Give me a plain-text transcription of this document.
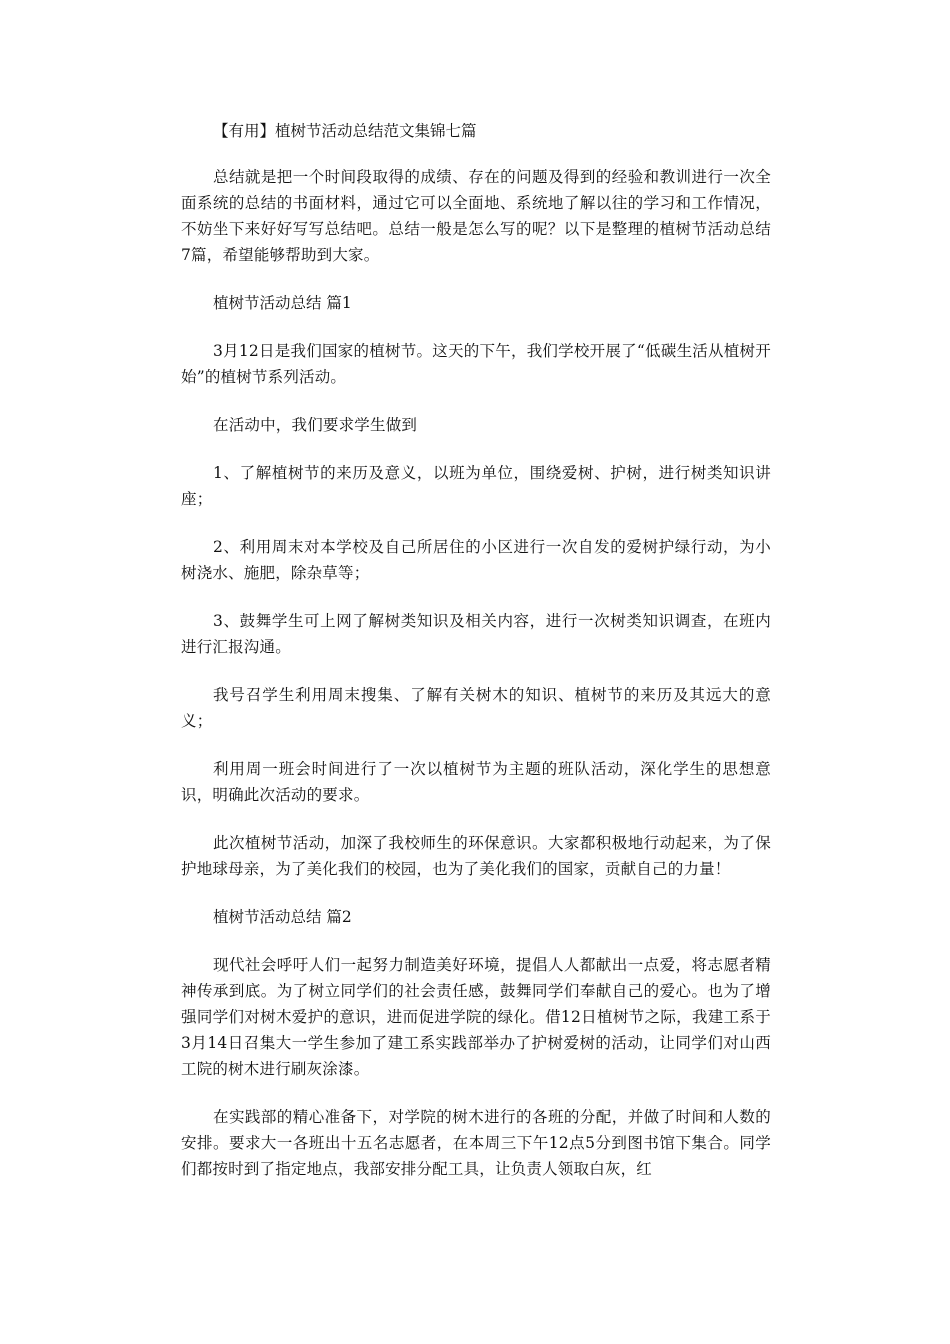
【有用】植树节活动总结范文集锦七篇

总结就是把一个时间段取得的成绩、存在的问题及得到的经验和教训进行一次全面系统的总结的书面材料，通过它可以全面地、系统地了解以往的学习和工作情况，不妨坐下来好好写写总结吧。总结一般是怎么写的呢？以下是整理的植树节活动总结7篇，希望能够帮助到大家。

植树节活动总结 篇1

3月12日是我们国家的植树节。这天的下午，我们学校开展了“低碳生活从植树开始”的植树节系列活动。

在活动中，我们要求学生做到

1、了解植树节的来历及意义，以班为单位，围绕爱树、护树，进行树类知识讲座；

2、利用周末对本学校及自己所居住的小区进行一次自发的爱树护绿行动，为小树浇水、施肥，除杂草等；

3、鼓舞学生可上网了解树类知识及相关内容，进行一次树类知识调查，在班内进行汇报沟通。

我号召学生利用周末搜集、了解有关树木的知识、植树节的来历及其远大的意义；

利用周一班会时间进行了一次以植树节为主题的班队活动，深化学生的思想意识，明确此次活动的要求。

此次植树节活动，加深了我校师生的环保意识。大家都积极地行动起来，为了保护地球母亲，为了美化我们的校园，也为了美化我们的国家，贡献自己的力量！

植树节活动总结 篇2

现代社会呼吁人们一起努力制造美好环境，提倡人人都献出一点爱，将志愿者精神传承到底。为了树立同学们的社会责任感，鼓舞同学们奉献自己的爱心。也为了增强同学们对树木爱护的意识，进而促进学院的绿化。借12日植树节之际，我建工系于3月14日召集大一学生参加了建工系实践部举办了护树爱树的活动，让同学们对山西工院的树木进行刷灰涂漆。

在实践部的精心准备下，对学院的树木进行的各班的分配，并做了时间和人数的安排。要求大一各班出十五名志愿者，在本周三下午12点5分到图书馆下集合。同学们都按时到了指定地点，我部安排分配工具，让负责人领取白灰，红
